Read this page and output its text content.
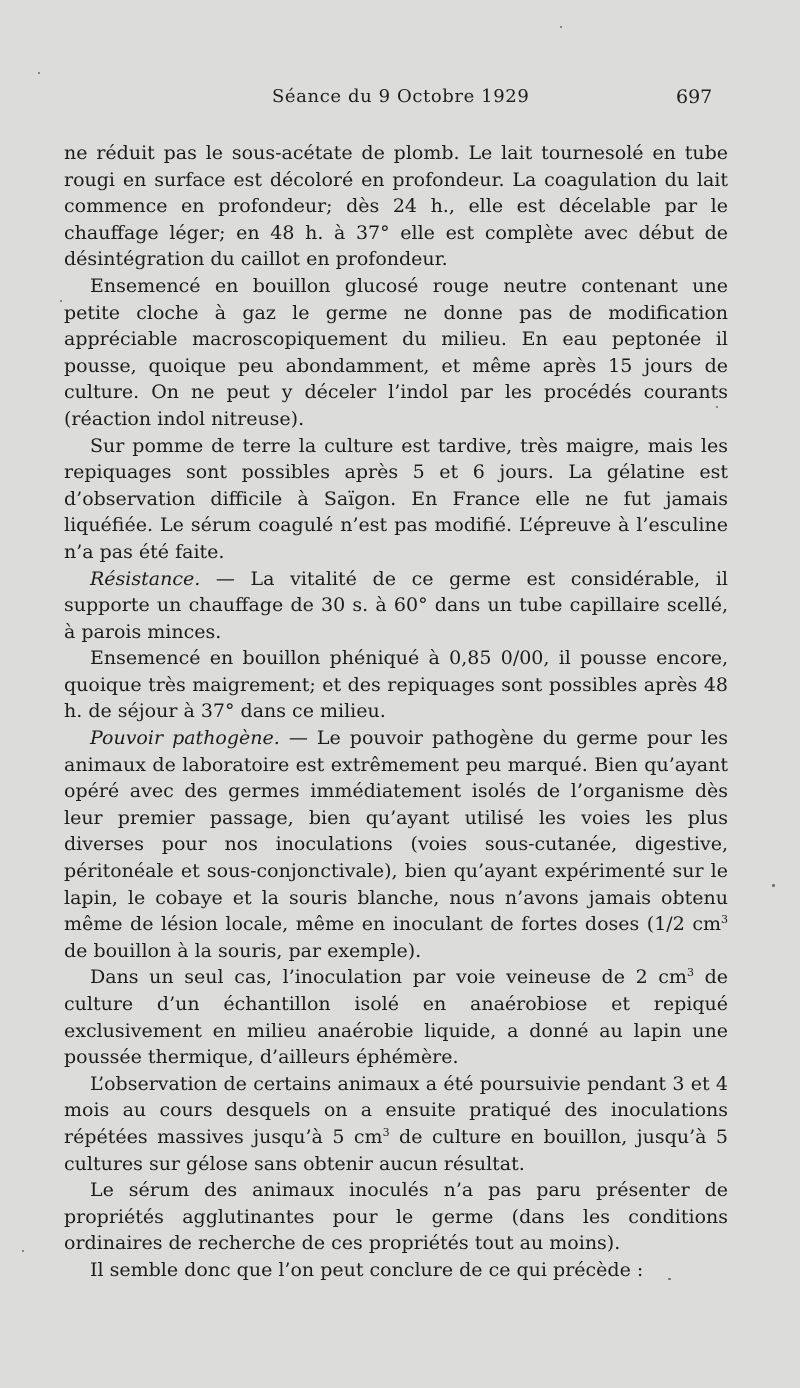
Séance du 9 Octobre 1929	697

ne réduit pas le sous-acétate de plomb. Le lait tournesolé en tube rougi en surface est décoloré en profondeur. La coagulation du lait commence en profondeur; dès 24 h., elle est décelable par le chauffage léger; en 48 h. à 37° elle est complète avec début de désintégration du caillot en profondeur.

Ensemencé en bouillon glucosé rouge neutre contenant une petite cloche à gaz le germe ne donne pas de modification appréciable macroscopiquement du milieu. En eau peptonée il pousse, quoique peu abondamment, et même après 15 jours de culture. On ne peut y déceler l’indol par les procédés courants (réaction indol nitreuse).

Sur pomme de terre la culture est tardive, très maigre, mais les repiquages sont possibles après 5 et 6 jours. La gélatine est d’observation difficile à Saïgon. En France elle ne fut jamais liquéfiée. Le sérum coagulé n’est pas modifié. L’épreuve à l’esculine n’a pas été faite.

Résistance. — La vitalité de ce germe est considérable, il supporte un chauffage de 30 s. à 60° dans un tube capillaire scellé, à parois minces.

Ensemencé en bouillon phéniqué à 0,85 0/00, il pousse encore, quoique très maigrement; et des repiquages sont possibles après 48 h. de séjour à 37° dans ce milieu.

Pouvoir pathogène. — Le pouvoir pathogène du germe pour les animaux de laboratoire est extrêmement peu marqué. Bien qu’ayant opéré avec des germes immédiatement isolés de l’organisme dès leur premier passage, bien qu’ayant utilisé les voies les plus diverses pour nos inoculations (voies sous-cutanée, digestive, péritonéale et sous-conjonctivale), bien qu’ayant expérimenté sur le lapin, le cobaye et la souris blanche, nous n’avons jamais obtenu même de lésion locale, même en inoculant de fortes doses (1/2 $cm^3$ de bouillon à la souris, par exemple).

Dans un seul cas, l’inoculation par voie veineuse de 2 $cm^3$ de culture d’un échantillon isolé en anaérobiose et repiqué exclusivement en milieu anaérobie liquide, a donné au lapin une poussée thermique, d’ailleurs éphémère.

L’observation de certains animaux a été poursuivie pendant 3 et 4 mois au cours desquels on a ensuite pratiqué des inoculations répétées massives jusqu’à 5 $cm^3$ de culture en bouillon, jusqu’à 5 cultures sur gélose sans obtenir aucun résultat.

Le sérum des animaux inoculés n’a pas paru présenter de propriétés agglutinantes pour le germe (dans les conditions ordinaires de recherche de ces propriétés tout au moins).

Il semble donc que l’on peut conclure de ce qui précède :
